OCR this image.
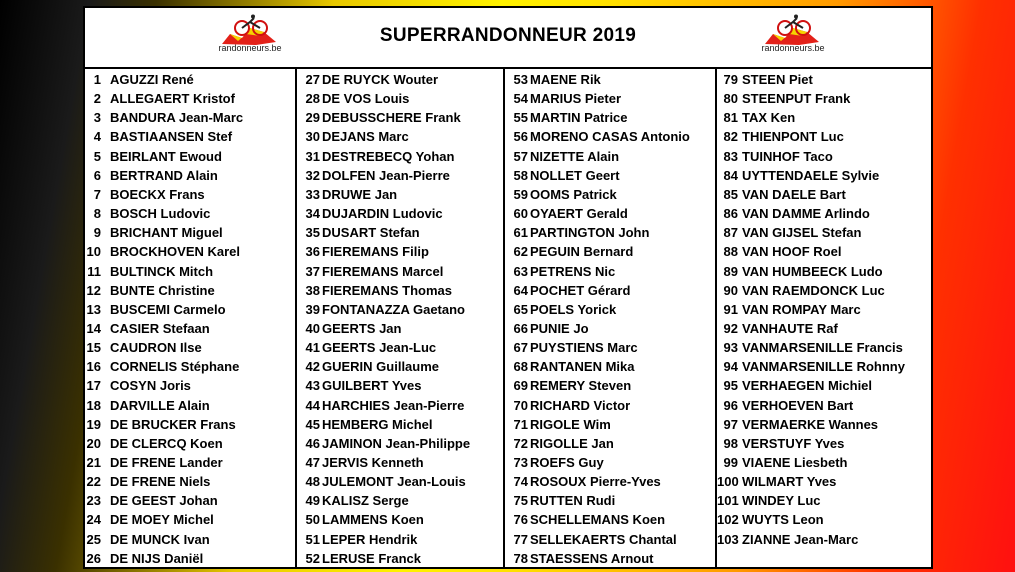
randonneurs.be
SUPERRANDONNEUR 2019
randonneurs.be
1 AGUZZI René
2 ALLEGAERT Kristof
3 BANDURA Jean-Marc
4 BASTIAANSEN Stef
5 BEIRLANT Ewoud
6 BERTRAND Alain
7 BOECKX Frans
8 BOSCH Ludovic
9 BRICHANT Miguel
10 BROCKHOVEN Karel
11 BULTINCK Mitch
12 BUNTE Christine
13 BUSCEMI Carmelo
14 CASIER Stefaan
15 CAUDRON Ilse
16 CORNELIS Stéphane
17 COSYN Joris
18 DARVILLE Alain
19 DE BRUCKER Frans
20 DE CLERCQ Koen
21 DE FRENE Lander
22 DE FRENE Niels
23 DE GEEST Johan
24 DE MOEY Michel
25 DE MUNCK Ivan
26 DE NIJS Daniël
27 DE RUYCK Wouter
28 DE VOS Louis
29 DEBUSSCHERE Frank
30 DEJANS Marc
31 DESTREBECQ Yohan
32 DOLFEN Jean-Pierre
33 DRUWE Jan
34 DUJARDIN Ludovic
35 DUSART Stefan
36 FIEREMANS Filip
37 FIEREMANS Marcel
38 FIEREMANS Thomas
39 FONTANAZZA Gaetano
40 GEERTS Jan
41 GEERTS Jean-Luc
42 GUERIN Guillaume
43 GUILBERT Yves
44 HARCHIES Jean-Pierre
45 HEMBERG Michel
46 JAMINON Jean-Philippe
47 JERVIS Kenneth
48 JULEMONT Jean-Louis
49 KALISZ Serge
50 LAMMENS Koen
51 LEPER Hendrik
52 LERUSE Franck
53 MAENE Rik
54 MARIUS Pieter
55 MARTIN Patrice
56 MORENO CASAS Antonio
57 NIZETTE Alain
58 NOLLET Geert
59 OOMS Patrick
60 OYAERT Gerald
61 PARTINGTON John
62 PEGUIN Bernard
63 PETRENS Nic
64 POCHET Gérard
65 POELS Yorick
66 PUNIE Jo
67 PUYSTIENS Marc
68 RANTANEN Mika
69 REMERY Steven
70 RICHARD Victor
71 RIGOLE Wim
72 RIGOLLE Jan
73 ROEFS Guy
74 ROSOUX Pierre-Yves
75 RUTTEN Rudi
76 SCHELLEMANS Koen
77 SELLEKAERTS Chantal
78 STAESSENS Arnout
79 STEEN Piet
80 STEENPUT Frank
81 TAX Ken
82 THIENPONT Luc
83 TUINHOF Taco
84 UYTTENDAELE Sylvie
85 VAN DAELE Bart
86 VAN DAMME Arlindo
87 VAN GIJSEL Stefan
88 VAN HOOF Roel
89 VAN HUMBEECK Ludo
90 VAN RAEMDONCK Luc
91 VAN ROMPAY Marc
92 VANHAUTE Raf
93 VANMARSENILLE Francis
94 VANMARSENILLE Rohnny
95 VERHAEGEN Michiel
96 VERHOEVEN Bart
97 VERMAERKE Wannes
98 VERSTUYF Yves
99 VIAENE Liesbeth
100 WILMART Yves
101 WINDEY Luc
102 WUYTS Leon
103 ZIANNE Jean-Marc
